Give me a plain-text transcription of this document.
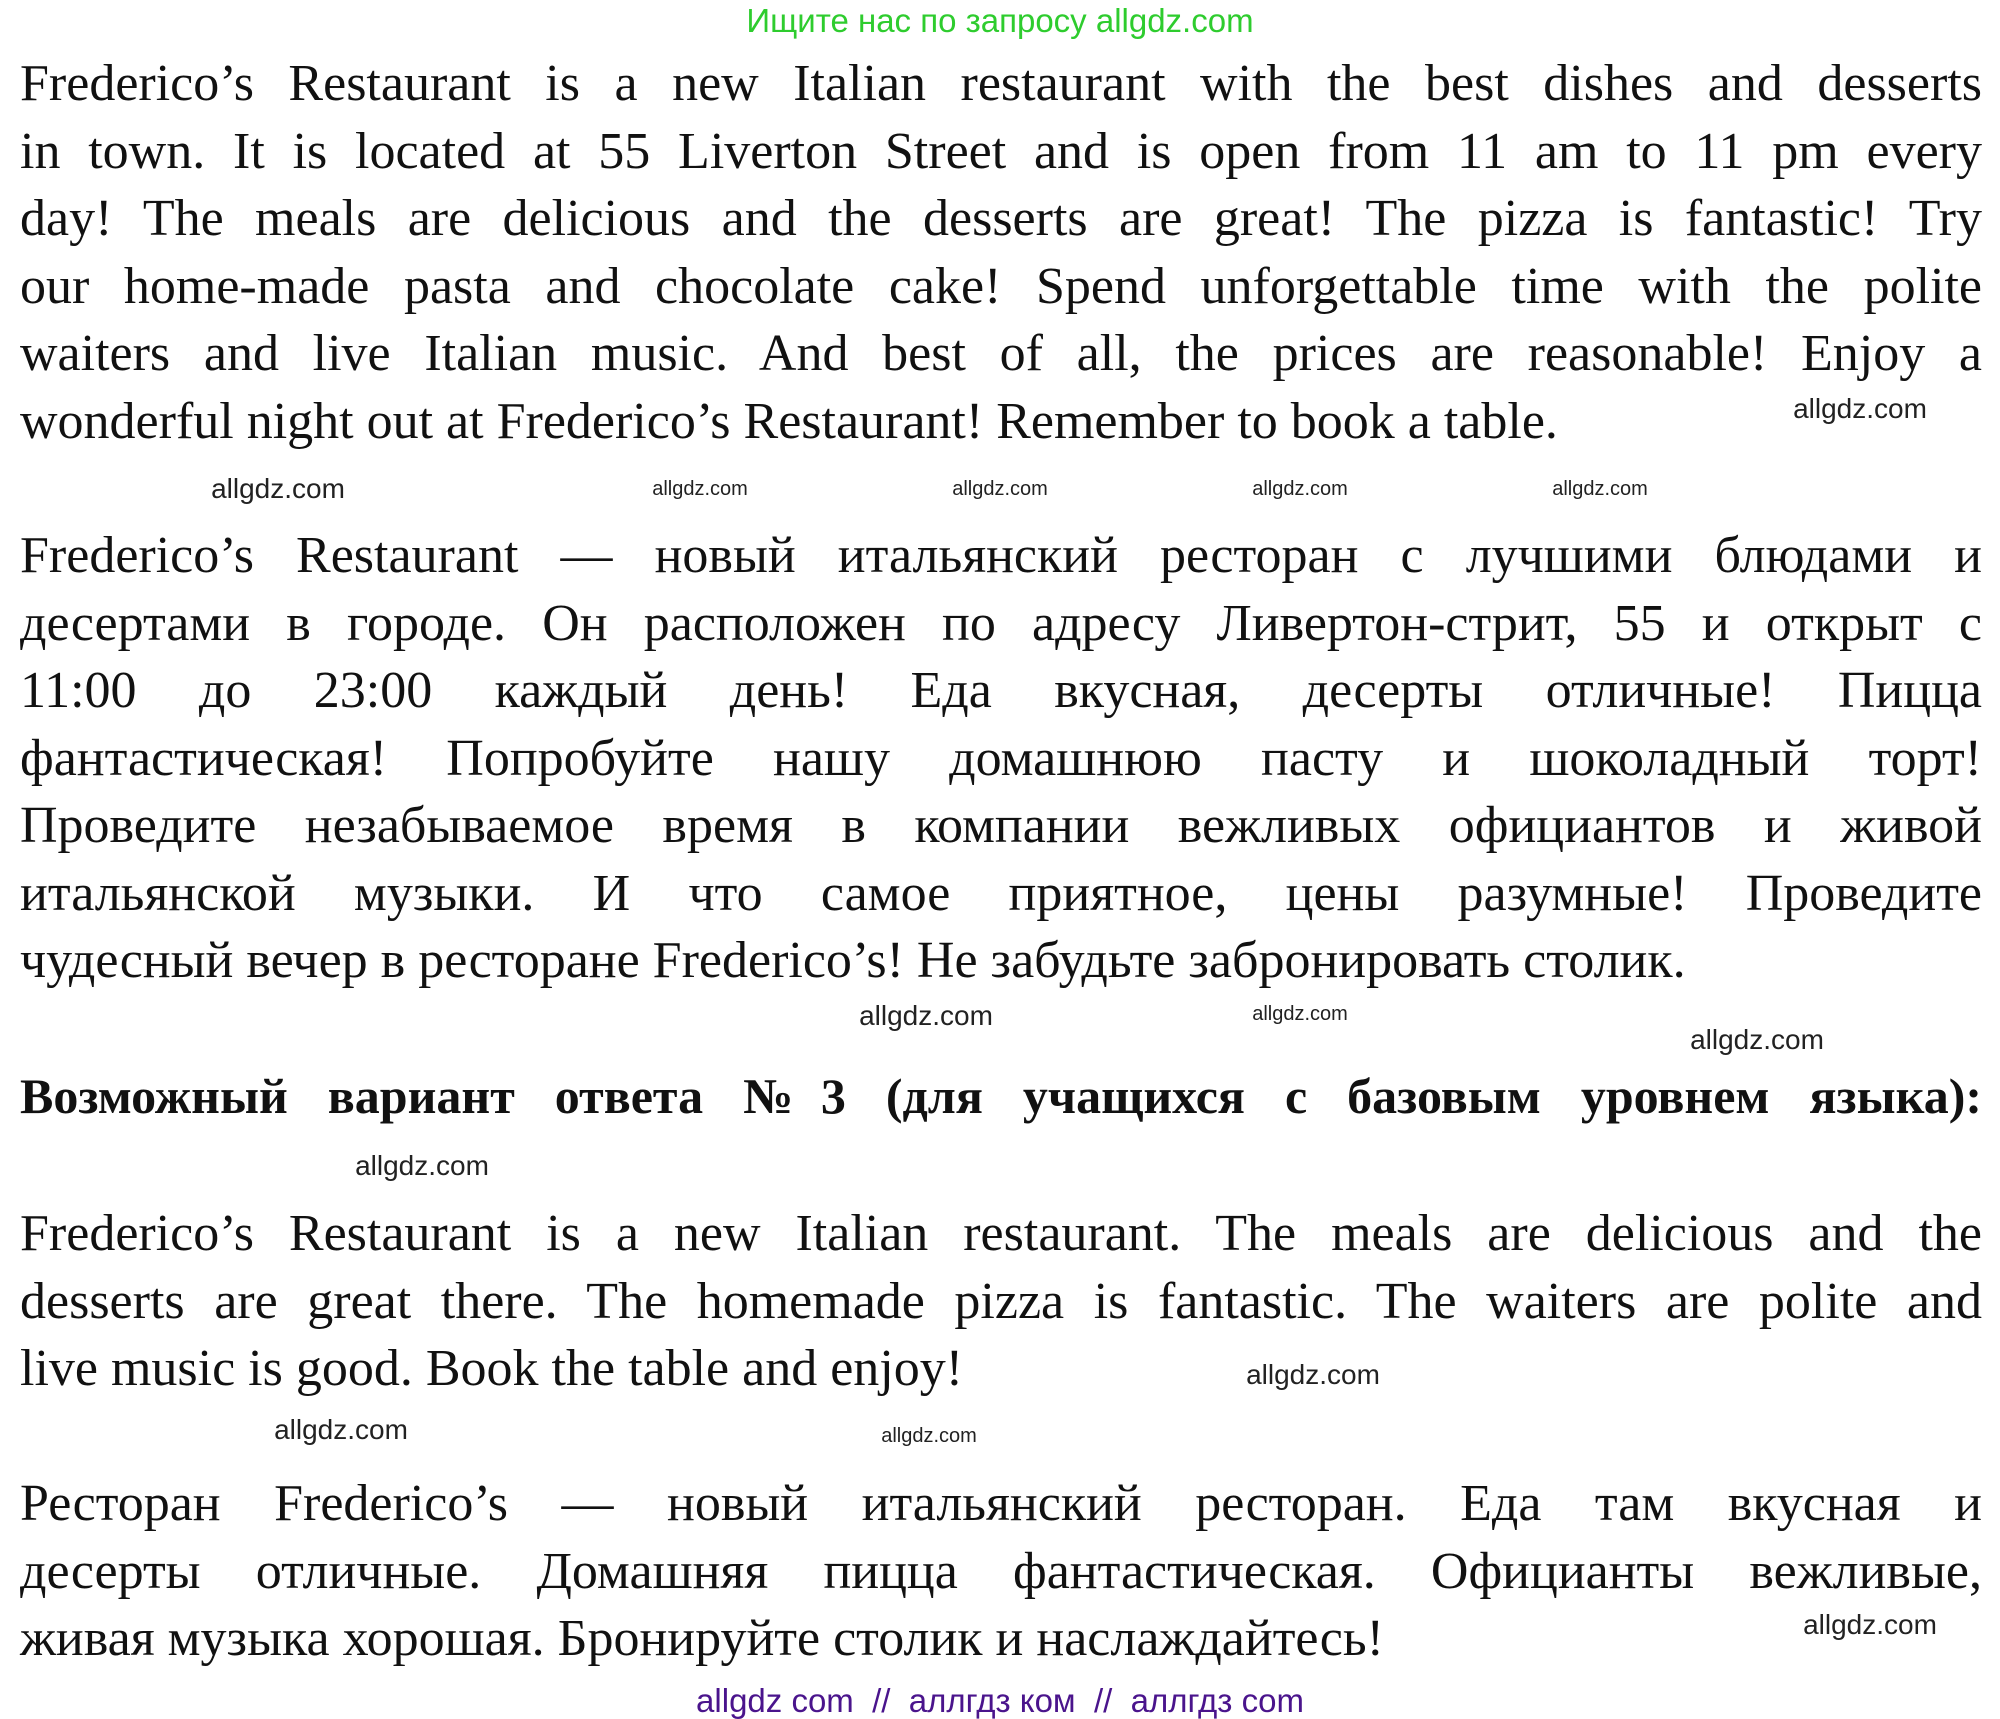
Ищите нас по запросу allgdz.com
Frederico’s Restaurant is a new Italian restaurant with the best dishes and desserts
in town. It is located at 55 Liverton Street and is open from 11 am to 11 pm every
day! The meals are delicious and the desserts are great! The pizza is fantastic! Try
our home-made pasta and chocolate cake! Spend unforgettable time with the polite
waiters and live Italian music. And best of all, the prices are reasonable! Enjoy a
wonderful night out at Frederico’s Restaurant! Remember to book a table.
Frederico’s Restaurant — новый итальянский ресторан с лучшими блюдами и
десертами в городе. Он расположен по адресу Ливертон-стрит, 55 и открыт с
11:00 до 23:00 каждый день! Еда вкусная, десерты отличные! Пицца
фантастическая! Попробуйте нашу домашнюю пасту и шоколадный торт!
Проведите незабываемое время в компании вежливых официантов и живой
итальянской музыки. И что самое приятное, цены разумные! Проведите
чудесный вечер в ресторане Frederico’s! Не забудьте забронировать столик.
Возможный вариант ответа №3 (для учащихся с базовым уровнем языка):
Frederico’s Restaurant is a new Italian restaurant. The meals are delicious and the
desserts are great there. The homemade pizza is fantastic. The waiters are polite and
live music is good. Book the table and enjoy!
Ресторан Frederico’s — новый итальянский ресторан. Еда там вкусная и
десерты отличные. Домашняя пицца фантастическая. Официанты вежливые,
живая музыка хорошая. Бронируйте столик и наслаждайтесь!
allgdz.com	allgdz.com	allgdz.com	allgdz.com	allgdz.com
allgdz.com
allgdz.com	allgdz.com
allgdz.com
allgdz.com
allgdz.com
allgdz.com	allgdz.com
allgdz.com
allgdz com  //  аллгдз ком  //  аллгдз com
